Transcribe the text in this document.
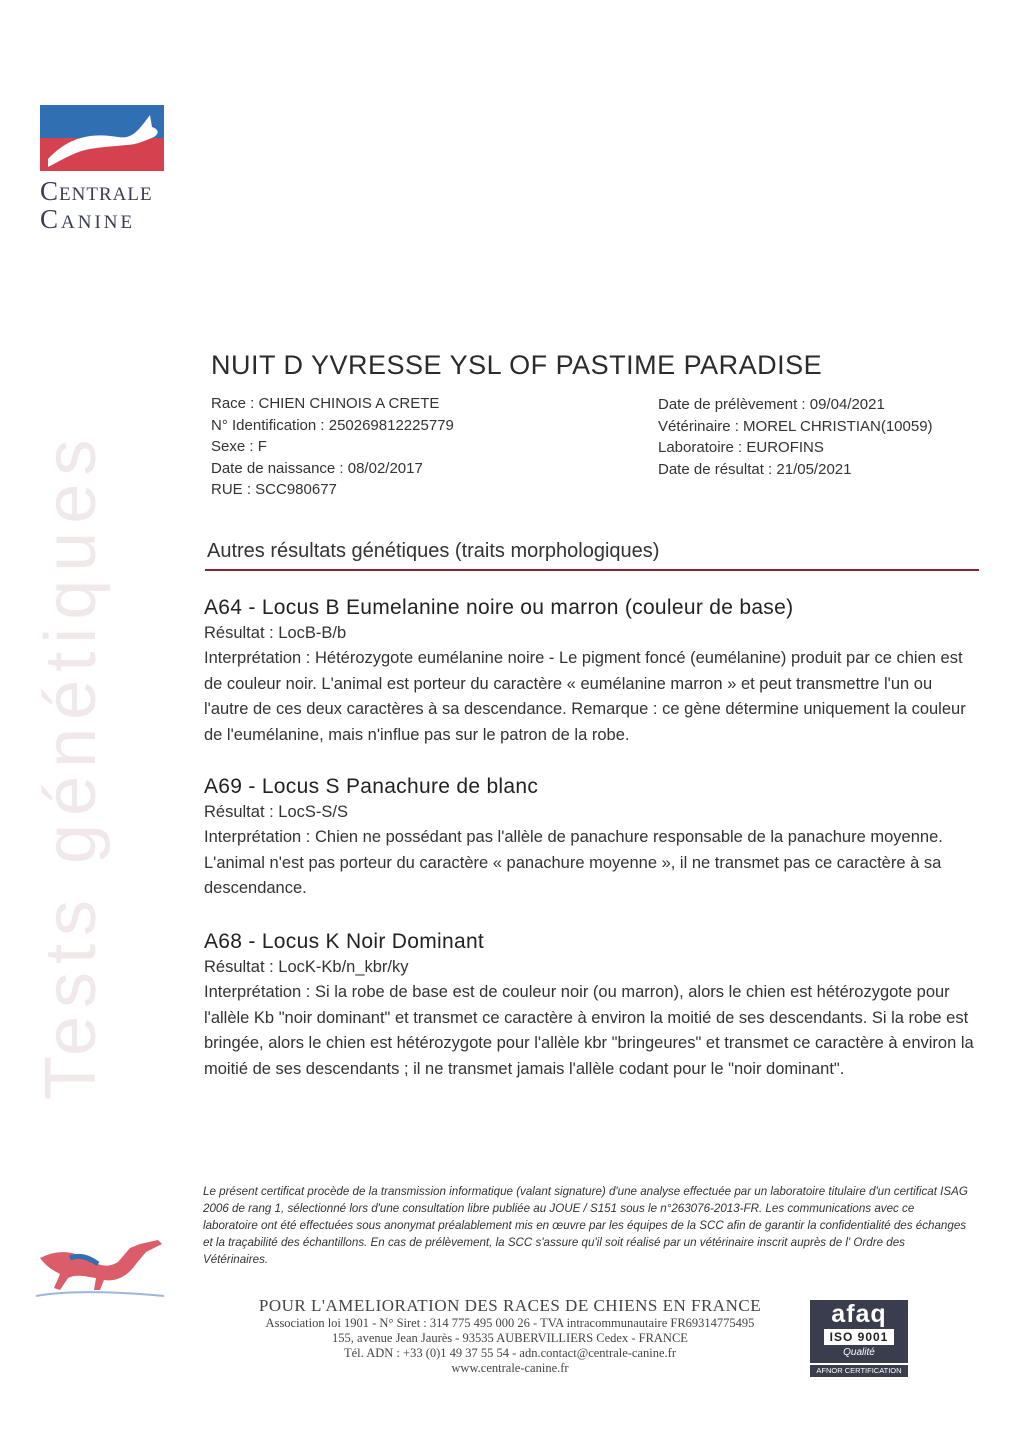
Centrale
Canine
Tests génétiques
NUIT D YVRESSE YSL OF PASTIME PARADISE
Race : CHIEN CHINOIS A CRETE
N° Identification : 250269812225779
Sexe : F
Date de naissance : 08/02/2017
RUE : SCC980677
Date de prélèvement : 09/04/2021
Vétérinaire : MOREL CHRISTIAN(10059)
Laboratoire : EUROFINS
Date de résultat : 21/05/2021
Autres résultats génétiques (traits morphologiques)
A64 - Locus B Eumelanine noire ou marron (couleur de base)
Résultat : LocB-B/b
Interprétation : Hétérozygote eumélanine noire - Le pigment foncé (eumélanine) produit par ce chien est de couleur noir. L'animal est porteur du caractère « eumélanine marron » et peut transmettre l'un ou l'autre de ces deux caractères à sa descendance. Remarque : ce gène détermine uniquement la couleur de l'eumélanine, mais n'influe pas sur le patron de la robe.
A69 - Locus S Panachure de blanc
Résultat : LocS-S/S
Interprétation : Chien ne possédant pas l'allèle de panachure responsable de la panachure moyenne. L'animal n'est pas porteur du caractère « panachure moyenne », il ne transmet pas ce caractère à sa descendance.
A68 - Locus K Noir Dominant
Résultat : LocK-Kb/n_kbr/ky
Interprétation : Si la robe de base est de couleur noir (ou marron), alors le chien est hétérozygote pour l'allèle Kb "noir dominant" et transmet ce caractère à environ la moitié de ses descendants. Si la robe est bringée, alors le chien est hétérozygote pour l'allèle kbr "bringeures" et transmet ce caractère à environ la moitié de ses descendants ; il ne transmet jamais l'allèle codant pour le "noir dominant".
Le présent certificat procède de la transmission informatique (valant signature) d'une analyse effectuée par un laboratoire titulaire d'un certificat ISAG 2006 de rang 1, sélectionné lors d'une consultation libre publiée au JOUE / S151 sous le n°263076-2013-FR. Les communications avec ce laboratoire ont été effectuées sous anonymat préalablement mis en œuvre par les équipes de la SCC afin de garantir la confidentialité des échanges et la traçabilité des échantillons. En cas de prélèvement, la SCC s'assure qu'il soit réalisé par un vétérinaire inscrit auprès de l' Ordre des Vétérinaires.
POUR L'AMELIORATION DES RACES DE CHIENS EN FRANCE
Association loi 1901 - N° Siret : 314 775 495 000 26 - TVA intracommunautaire FR69314775495
155, avenue Jean Jaurès - 93535 AUBERVILLIERS Cedex - FRANCE
Tél. ADN : +33 (0)1 49 37 55 54 - adn.contact@centrale-canine.fr
www.centrale-canine.fr
afaq
ISO 9001
Qualité
AFNOR CERTIFICATION
